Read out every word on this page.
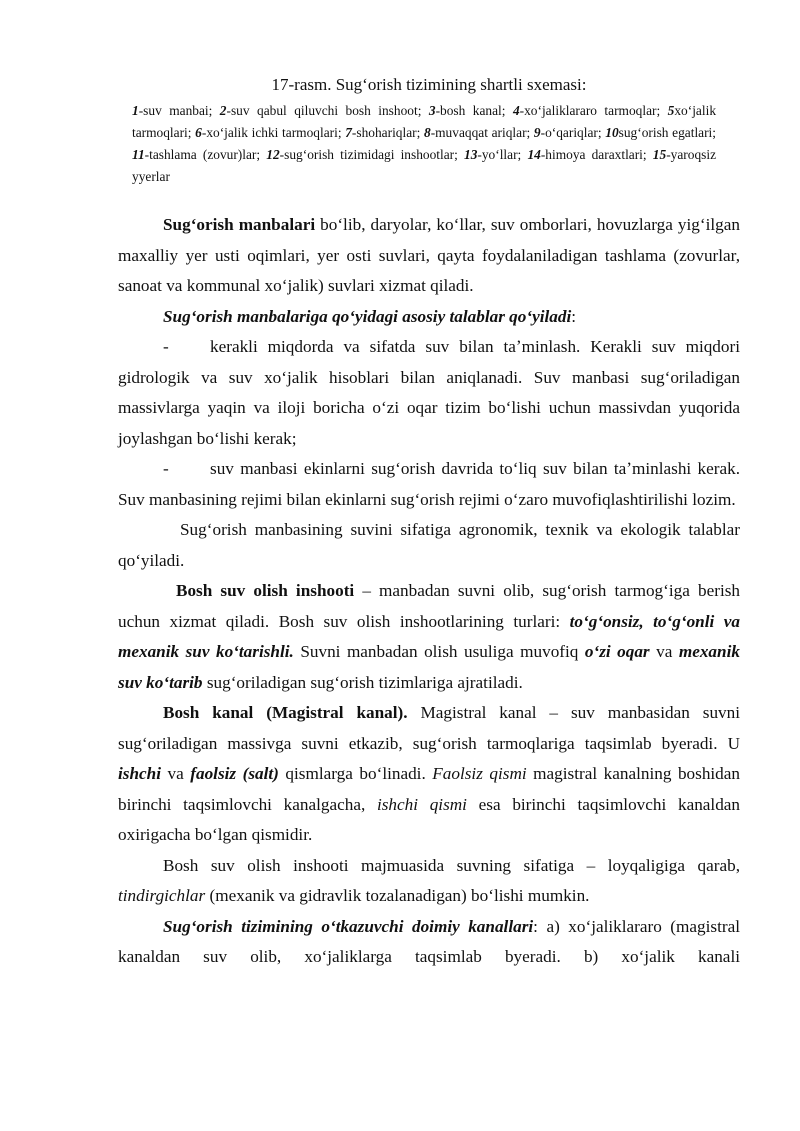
17-rasm. Sugʻorish tizimining shartli sxemasi:
1-suv manbai; 2-suv qabul qiluvchi bosh inshoot; 3-bosh kanal; 4-xoʻjaliklararo tarmoqlar; 5xoʻjalik tarmoqlari; 6-xoʻjalik ichki tarmoqlari; 7-shohariqlar; 8-muvaqqat ariqlar; 9-oʻqariqlar; 10sugʻorish egatlari; 11-tashlama (zovur)lar; 12-sugʻorish tizimidagi inshootlar; 13-yoʻllar; 14-himoya daraxtlari; 15-yaroqsiz yyerlar

Sugʻorish manbalari boʻlib, daryolar, koʻllar, suv omborlari, hovuzlarga yigʻilgan maxalliy yer usti oqimlari, yer osti suvlari, qayta foydalaniladigan tashlama (zovurlar, sanoat va kommunal xoʻjalik) suvlari xizmat qiladi.

Sugʻorish manbalariga qoʻyidagi asosiy talablar qoʻyiladi:

- kerakli miqdorda va sifatda suv bilan taʼminlash. Kerakli suv miqdori gidrologik va suv xoʻjalik hisoblari bilan aniqlanadi. Suv manbasi sugʻoriladigan massivlarga yaqin va iloji boricha oʻzi oqar tizim boʻlishi uchun massivdan yuqorida joylashgan boʻlishi kerak;

- suv manbasi ekinlarni sugʻorish davrida toʻliq suv bilan taʼminlashi kerak. Suv manbasining rejimi bilan ekinlarni sugʻorish rejimi oʻzaro muvofiqlashtirilishi lozim.

Sugʻorish manbasining suvini sifatiga agronomik, texnik va ekologik talablar qoʻyiladi.

Bosh suv olish inshooti – manbadan suvni olib, sugʻorish tarmogʻiga berish uchun xizmat qiladi. Bosh suv olish inshootlarining turlari: toʻgʻonsiz, toʻgʻonli va mexanik suv koʻtarishli. Suvni manbadan olish usuliga muvofiq oʻzi oqar va mexanik suv koʻtarib sugʻoriladigan sugʻorish tizimlariga ajratiladi.

Bosh kanal (Magistral kanal). Magistral kanal – suv manbasidan suvni sugʻoriladigan massivga suvni etkazib, sugʻorish tarmoqlariga taqsimlab byeradi. U ishchi va faolsiz (salt) qismlarga boʻlinadi. Faolsiz qismi magistral kanalning boshidan birinchi taqsimlovchi kanalgacha, ishchi qismi esa birinchi taqsimlovchi kanaldan oxirigacha boʻlgan qismidir.

Bosh suv olish inshooti majmuasida suvning sifatiga – loyqaligiga qarab, tindirgichlar (mexanik va gidravlik tozalanadigan) boʻlishi mumkin.

Sugʻorish tizimining oʻtkazuvchi doimiy kanallari: a) xoʻjaliklararo (magistral kanaldan suv olib, xoʻjaliklarga taqsimlab byeradi. b) xoʻjalik kanali
